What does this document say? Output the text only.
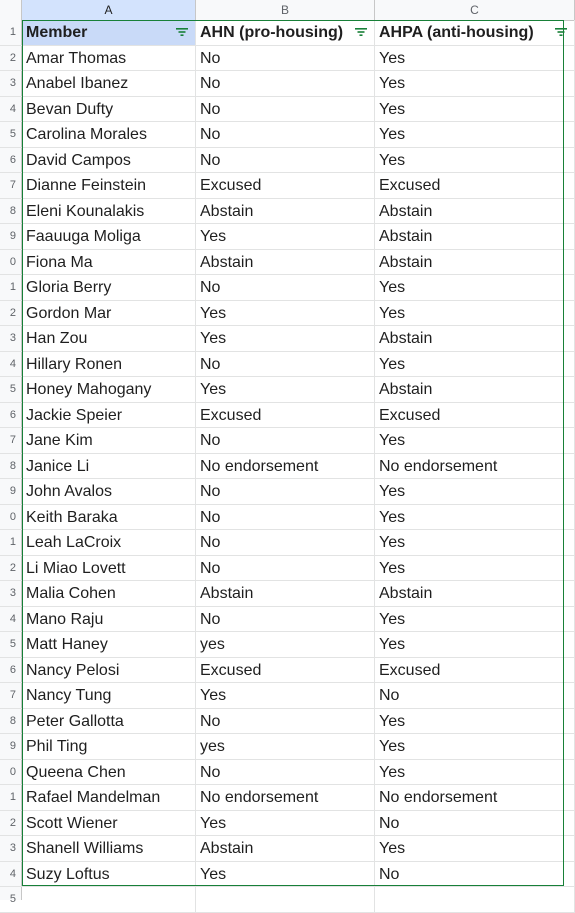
A	B	C
1
2
3
4
5
6
7
8
9
0
1
2
3
4
5
6
7
8
9
0
1
2
3
4
5
6
7
8
9
0
1
2
3
4
5
Member	AHN (pro-housing)	AHPA (anti-housing)
Amar Thomas	No	Yes
Anabel Ibanez	No	Yes
Bevan Dufty	No	Yes
Carolina Morales	No	Yes
David Campos	No	Yes
Dianne Feinstein	Excused	Excused
Eleni Kounalakis	Abstain	Abstain
Faauuga Moliga	Yes	Abstain
Fiona Ma	Abstain	Abstain
Gloria Berry	No	Yes
Gordon Mar	Yes	Yes
Han Zou	Yes	Abstain
Hillary Ronen	No	Yes
Honey Mahogany	Yes	Abstain
Jackie Speier	Excused	Excused
Jane Kim	No	Yes
Janice Li	No endorsement	No endorsement
John Avalos	No	Yes
Keith Baraka	No	Yes
Leah LaCroix	No	Yes
Li Miao Lovett	No	Yes
Malia Cohen	Abstain	Abstain
Mano Raju	No	Yes
Matt Haney	yes	Yes
Nancy Pelosi	Excused	Excused
Nancy Tung	Yes	No
Peter Gallotta	No	Yes
Phil Ting	yes	Yes
Queena Chen	No	Yes
Rafael Mandelman	No endorsement	No endorsement
Scott Wiener	Yes	No
Shanell Williams	Abstain	Yes
Suzy Loftus	Yes	No
